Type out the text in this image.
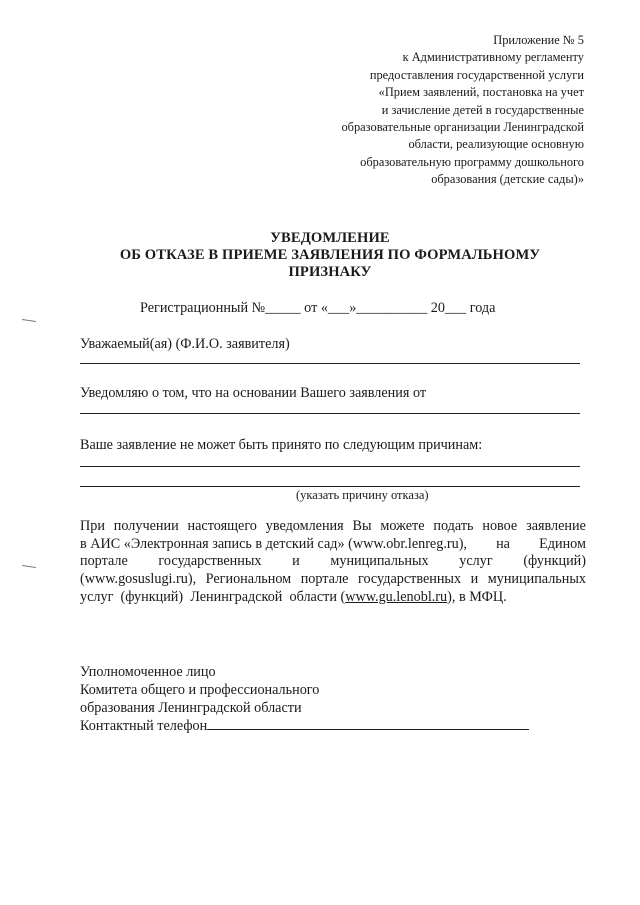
Приложение № 5
к Административному регламенту
предоставления государственной услуги
«Прием заявлений, постановка на учет
и зачисление детей в государственные
образовательные организации Ленинградской
области, реализующие основную
образовательную программу дошкольного
образования (детские сады)»
УВЕДОМЛЕНИЕ
ОБ ОТКАЗЕ В ПРИЕМЕ ЗАЯВЛЕНИЯ ПО ФОРМАЛЬНОМУ
ПРИЗНАКУ
Регистрационный №_____ от «___»__________ 20___ года
Уважаемый(ая) (Ф.И.О. заявителя)
Уведомляю о том, что на основании Вашего заявления от
Ваше заявление не может быть принято по следующим причинам:
(указать причину отказа)
При получении настоящего уведомления Вы можете подать новое заявление
в АИС «Электронная запись в детский сад» (www.obr.lenreg.ru), на Едином
портале государственных и муниципальных услуг (функций)
(www.gosuslugi.ru), Региональном портале государственных и муниципальных
услуг  (функций)  Ленинградской  области (www.gu.lenobl.ru), в МФЦ.
Уполномоченное лицо
Комитета общего и профессионального
образования Ленинградской области
Контактный телефон
